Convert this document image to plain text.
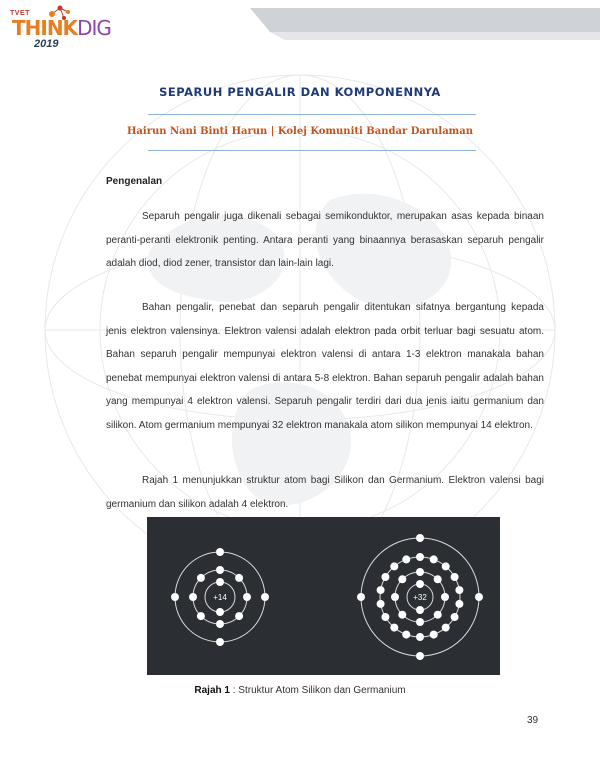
TVET
THINKDIG
2019
SEPARUH PENGALIR DAN KOMPONENNYA
Hairun Nani Binti Harun | Kolej Komuniti Bandar Darulaman
Pengenalan

Separuh pengalir juga dikenali sebagai semikonduktor, merupakan asas kepada binaan peranti-peranti elektronik penting. Antara peranti yang binaannya berasaskan separuh pengalir adalah diod, diod zener, transistor dan lain-lain lagi.

Bahan pengalir, penebat dan separuh pengalir ditentukan sifatnya bergantung kepada jenis elektron valensinya. Elektron valensi adalah elektron pada orbit terluar bagi sesuatu atom. Bahan separuh pengalir mempunyai elektron valensi di antara 1-3 elektron manakala bahan penebat mempunyai elektron valensi di antara 5-8 elektron. Bahan separuh pengalir adalah bahan yang mempunyai 4 elektron valensi. Separuh pengalir terdiri dari dua jenis iaitu germanium dan silikon. Atom germanium mempunyai 32 elektron manakala atom silikon mempunyai 14 elektron.

Rajah 1 menunjukkan struktur atom bagi Silikon dan Germanium. Elektron valensi bagi germanium dan silikon adalah 4 elektron.

+14	+32
Rajah 1 : Struktur Atom Silikon dan Germanium
39
